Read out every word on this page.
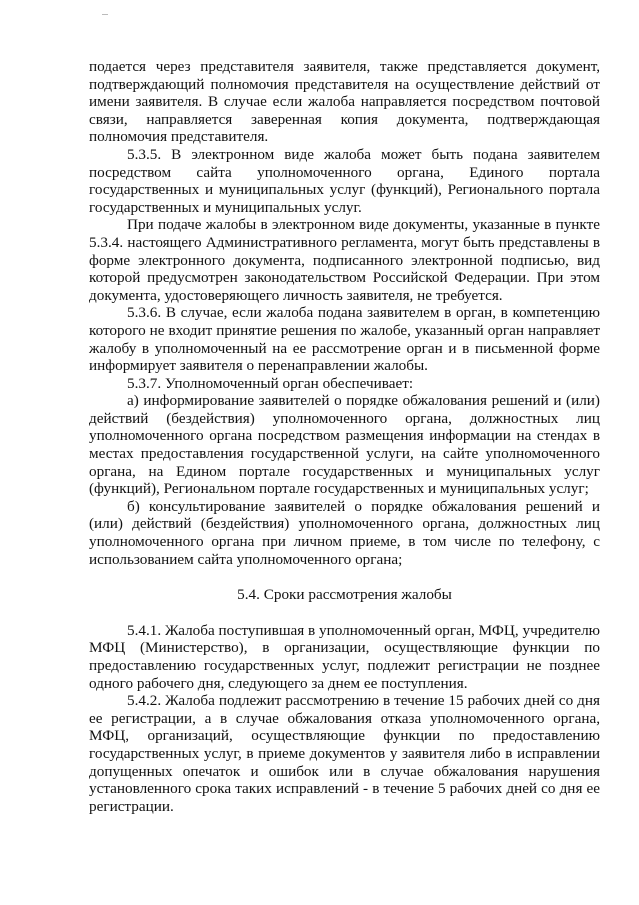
подается через представителя заявителя, также представляется документ, подтверждающий полномочия представителя на осуществление действий от имени заявителя. В случае если жалоба направляется посредством почтовой связи, направляется заверенная копия документа, подтверждающая полномочия представителя.

5.3.5. В электронном виде жалоба может быть подана заявителем посредством сайта уполномоченного органа, Единого портала государственных и муниципальных услуг (функций), Регионального портала государственных и муниципальных услуг.

При подаче жалобы в электронном виде документы, указанные в пункте 5.3.4. настоящего Административного регламента, могут быть представлены в форме электронного документа, подписанного электронной подписью, вид которой предусмотрен законодательством Российской Федерации. При этом документа, удостоверяющего личность заявителя, не требуется.

5.3.6. В случае, если жалоба подана заявителем в орган, в компетенцию которого не входит принятие решения по жалобе, указанный орган направляет жалобу в уполномоченный на ее рассмотрение орган и в письменной форме информирует заявителя о перенаправлении жалобы.

5.3.7. Уполномоченный орган обеспечивает:

а) информирование заявителей о порядке обжалования решений и (или) действий (бездействия) уполномоченного органа, должностных лиц уполномоченного органа посредством размещения информации на стендах в местах предоставления государственной услуги, на сайте уполномоченного органа, на Едином портале государственных и муниципальных услуг (функций), Региональном портале государственных и муниципальных услуг;

б) консультирование заявителей о порядке обжалования решений и (или) действий (бездействия) уполномоченного органа, должностных лиц уполномоченного органа при личном приеме, в том числе по телефону, с использованием сайта уполномоченного органа;

5.4. Сроки рассмотрения жалобы

5.4.1. Жалоба поступившая в уполномоченный орган, МФЦ, учредителю МФЦ (Министерство), в организации, осуществляющие функции по предоставлению государственных услуг, подлежит регистрации не позднее одного рабочего дня, следующего за днем ее поступления.

5.4.2. Жалоба подлежит рассмотрению в течение 15 рабочих дней со дня ее регистрации, а в случае обжалования отказа уполномоченного органа, МФЦ, организаций, осуществляющие функции по предоставлению государственных услуг, в приеме документов у заявителя либо в исправлении допущенных опечаток и ошибок или в случае обжалования нарушения установленного срока таких исправлений - в течение 5 рабочих дней со дня ее регистрации.
